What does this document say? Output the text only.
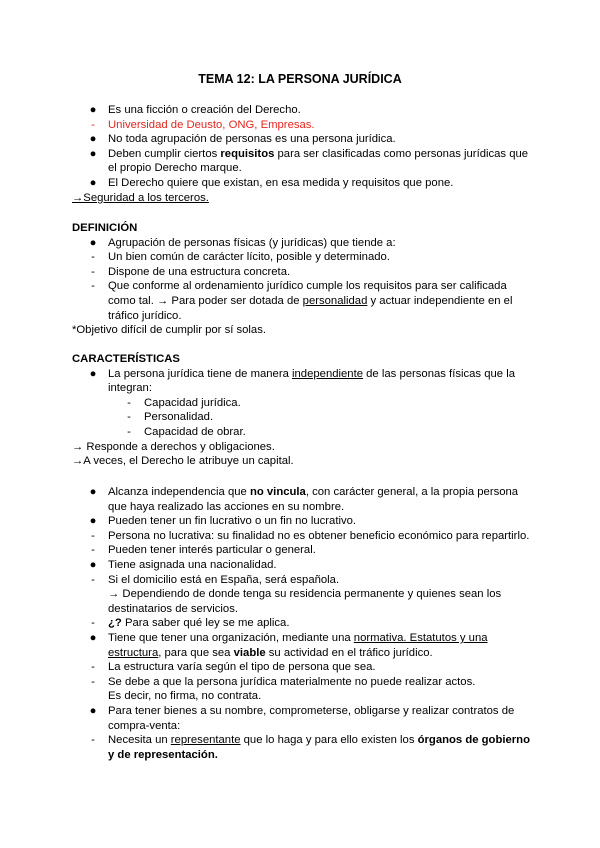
TEMA 12: LA PERSONA JURÍDICA
● Es una ficción o creación del Derecho.
- Universidad de Deusto, ONG, Empresas.
● No toda agrupación de personas es una persona jurídica.
● Deben cumplir ciertos requisitos para ser clasificadas como personas jurídicas que
el propio Derecho marque.
● El Derecho quiere que existan, en esa medida y requisitos que pone.
→Seguridad a los terceros.
DEFINICIÓN
● Agrupación de personas físicas (y jurídicas) que tiende a:
- Un bien común de carácter lícito, posible y determinado.
- Dispone de una estructura concreta.
- Que conforme al ordenamiento jurídico cumple los requisitos para ser calificada
como tal. → Para poder ser dotada de personalidad y actuar independiente en el
tráfico jurídico.
*Objetivo difícil de cumplir por sí solas.
CARACTERÍSTICAS
● La persona jurídica tiene de manera independiente de las personas físicas que la
integran:
- Capacidad jurídica.
- Personalidad.
- Capacidad de obrar.
→ Responde a derechos y obligaciones.
→A veces, el Derecho le atribuye un capital.
● Alcanza independencia que no vincula, con carácter general, a la propia persona
que haya realizado las acciones en su nombre.
● Pueden tener un fin lucrativo o un fin no lucrativo.
- Persona no lucrativa: su finalidad no es obtener beneficio económico para repartirlo.
- Pueden tener interés particular o general.
● Tiene asignada una nacionalidad.
- Si el domicilio está en España, será española.
→ Dependiendo de donde tenga su residencia permanente y quienes sean los
destinatarios de servicios.
- ¿? Para saber qué ley se me aplica.
● Tiene que tener una organización, mediante una normativa. Estatutos y una
estructura, para que sea viable su actividad en el tráfico jurídico.
- La estructura varía según el tipo de persona que sea.
- Se debe a que la persona jurídica materialmente no puede realizar actos.
Es decir, no firma, no contrata.
● Para tener bienes a su nombre, comprometerse, obligarse y realizar contratos de
compra-venta:
- Necesita un representante que lo haga y para ello existen los órganos de gobierno
y de representación.
